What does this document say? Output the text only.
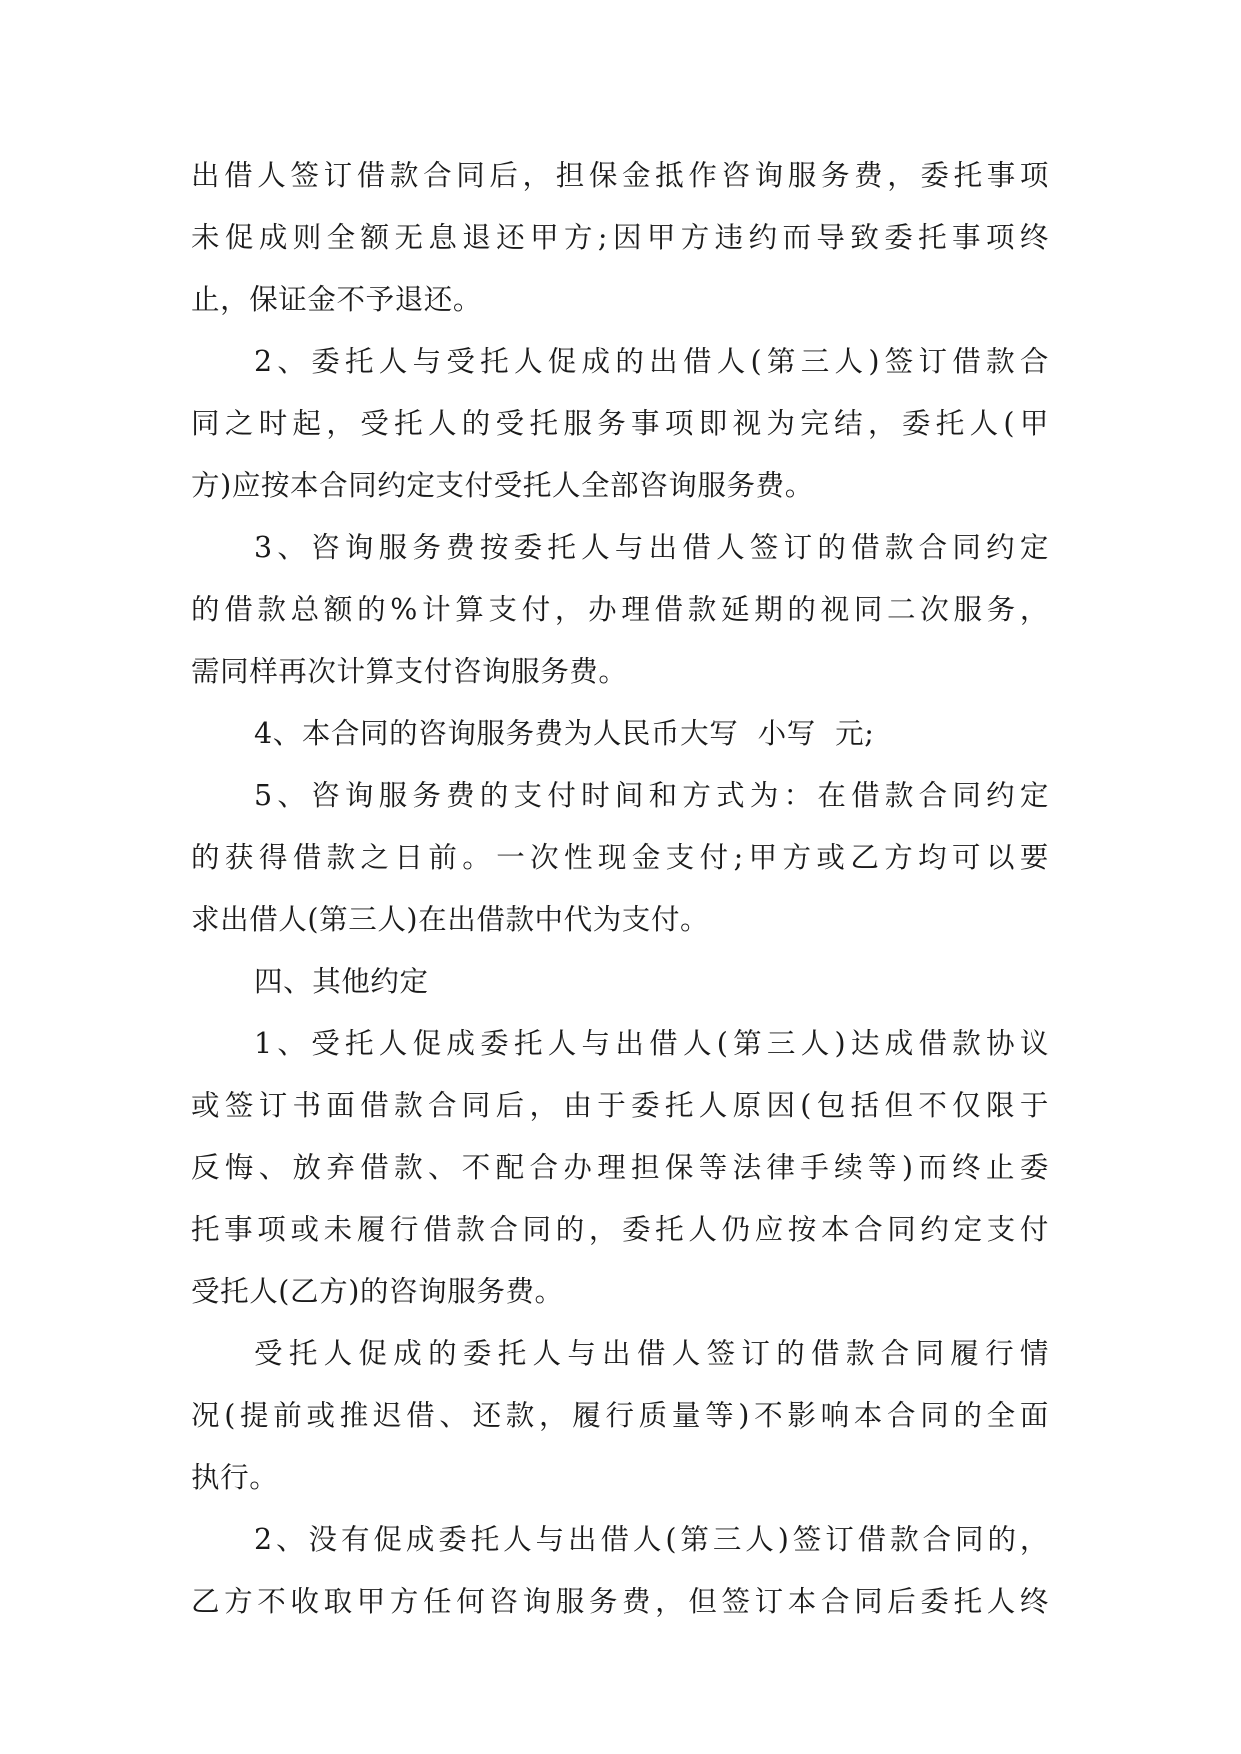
出借人签订借款合同后，担保金抵作咨询服务费，委托事项
未促成则全额无息退还甲方;因甲方违约而导致委托事项终
止，保证金不予退还。
2、委托人与受托人促成的出借人(第三人)签订借款合
同之时起，受托人的受托服务事项即视为完结，委托人(甲
方)应按本合同约定支付受托人全部咨询服务费。
3、咨询服务费按委托人与出借人签订的借款合同约定
的借款总额的%计算支付，办理借款延期的视同二次服务，
需同样再次计算支付咨询服务费。
4、本合同的咨询服务费为人民币大写  小写  元;
5、咨询服务费的支付时间和方式为：在借款合同约定
的获得借款之日前。一次性现金支付;甲方或乙方均可以要
求出借人(第三人)在出借款中代为支付。
四、其他约定
1、受托人促成委托人与出借人(第三人)达成借款协议
或签订书面借款合同后，由于委托人原因(包括但不仅限于
反悔、放弃借款、不配合办理担保等法律手续等)而终止委
托事项或未履行借款合同的，委托人仍应按本合同约定支付
受托人(乙方)的咨询服务费。
受托人促成的委托人与出借人签订的借款合同履行情
况(提前或推迟借、还款，履行质量等)不影响本合同的全面
执行。
2、没有促成委托人与出借人(第三人)签订借款合同的，
乙方不收取甲方任何咨询服务费，但签订本合同后委托人终
